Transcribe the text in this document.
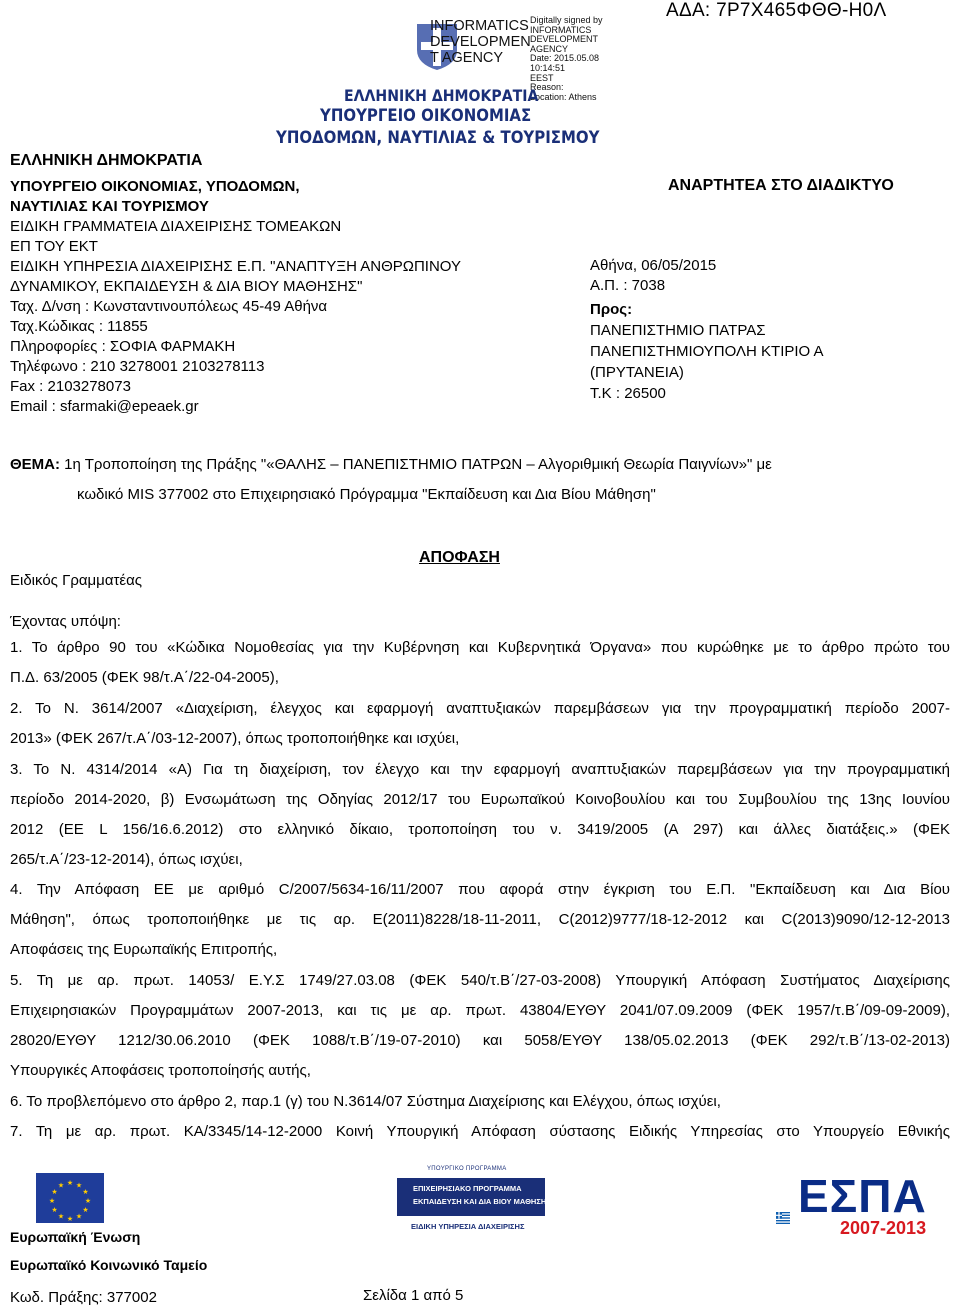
INFORMATICS
DEVELOPMEN
T AGENCY
Digitally signed by
INFORMATICS
DEVELOPMENT AGENCY
Date: 2015.05.08 10:14:51
EEST
Reason:
Location: Athens
ΑΔΑ: 7Ρ7Χ465ΦΘΘ-Η0Λ
ΕΛΛΗΝΙΚΗ ΔΗΜΟΚΡΑΤΙΑ
ΥΠΟΥΡΓΕΙΟ ΟΙΚΟΝΟΜΙΑΣ
ΥΠΟΔΟΜΩΝ, ΝΑΥΤΙΛΙΑΣ & ΤΟΥΡΙΣΜΟΥ
ΕΛΛΗΝΙΚΗ ΔΗΜΟΚΡΑΤΙΑ
ΥΠΟΥΡΓΕΙΟ ΟΙΚΟΝΟΜΙΑΣ, ΥΠΟΔΟΜΩΝ,
ΝΑΥΤΙΛΙΑΣ ΚΑΙ ΤΟΥΡΙΣΜΟΥ
ΕΙΔΙΚΗ ΓΡΑΜΜΑΤΕΙΑ ΔΙΑΧΕΙΡΙΣΗΣ ΤΟΜΕΑΚΩΝ
ΕΠ ΤΟΥ ΕΚΤ
ΕΙΔΙΚΗ ΥΠΗΡΕΣΙΑ ΔΙΑΧΕΙΡΙΣΗΣ Ε.Π. "ΑΝΑΠΤΥΞΗ ΑΝΘΡΩΠΙΝΟΥ
ΔΥΝΑΜΙΚΟΥ, ΕΚΠΑΙΔΕΥΣΗ & ΔΙΑ ΒΙΟΥ ΜΑΘΗΣΗΣ"
Ταχ. Δ/νση : Κωνσταντινουπόλεως 45-49 Αθήνα
Ταχ.Κώδικας : 11855
Πληροφορίες : ΣΟΦΙΑ ΦΑΡΜΑΚΗ
Τηλέφωνο : 210 3278001 2103278113
Fax : 2103278073
Email : sfarmaki@epeaek.gr
ΑΝΑΡΤΗΤΕΑ ΣΤΟ ΔΙΑΔΙΚΤΥΟ
Αθήνα, 06/05/2015
Α.Π. : 7038
Προς:
ΠΑΝΕΠΙΣΤΗΜΙΟ ΠΑΤΡΑΣ
ΠΑΝΕΠΙΣΤΗΜΙΟΥΠΟΛΗ ΚΤΙΡΙΟ Α
(ΠΡΥΤΑΝΕΙΑ)
Τ.Κ : 26500
ΘΕΜΑ: 1η Τροποποίηση της Πράξης "«ΘΑΛΗΣ – ΠΑΝΕΠΙΣΤΗΜΙΟ ΠΑΤΡΩΝ – Αλγοριθμική Θεωρία Παιγνίων»" με
κωδικό MIS 377002 στο Επιχειρησιακό Πρόγραμμα "Εκπαίδευση και Δια Βίου Μάθηση"
ΑΠΟΦΑΣΗ
Ειδικός Γραμματέας
Έχοντας υπόψη:
1. Το άρθρο 90 του «Κώδικα Νομοθεσίας για την Κυβέρνηση και Κυβερνητικά Όργανα» που κυρώθηκε με το άρθρο πρώτο του
Π.Δ. 63/2005 (ΦΕΚ 98/τ.Α΄/22-04-2005),
2. Το Ν. 3614/2007 «Διαχείριση, έλεγχος και εφαρμογή αναπτυξιακών παρεμβάσεων για την προγραμματική περίοδο 2007-
2013» (ΦΕΚ 267/τ.Α΄/03-12-2007), όπως τροποποιήθηκε και ισχύει,
3. Το Ν. 4314/2014 «Α) Για τη διαχείριση, τον έλεγχο και την εφαρμογή αναπτυξιακών παρεμβάσεων για την προγραμματική
περίοδο 2014-2020, β) Ενσωμάτωση της Οδηγίας 2012/17 του Ευρωπαϊκού Κοινοβουλίου και του Συμβουλίου της 13ης Ιουνίου
2012 (ΕΕ L 156/16.6.2012) στο ελληνικό δίκαιο, τροποποίηση του ν. 3419/2005 (Α 297) και άλλες διατάξεις.» (ΦΕΚ
265/τ.Α΄/23-12-2014), όπως ισχύει,
4. Την Απόφαση ΕΕ με αριθμό C/2007/5634-16/11/2007 που αφορά στην έγκριση του Ε.Π. "Εκπαίδευση και Δια Βίου
Μάθηση", όπως τροποποιήθηκε με τις αρ. E(2011)8228/18-11-2011, C(2012)9777/18-12-2012 και C(2013)9090/12-12-2013
Αποφάσεις της Ευρωπαϊκής Επιτροπής,
5. Τη με αρ. πρωτ. 14053/ Ε.Υ.Σ 1749/27.03.08 (ΦΕΚ 540/τ.Β΄/27-03-2008) Υπουργική Απόφαση Συστήματος Διαχείρισης
Επιχειρησιακών Προγραμμάτων 2007-2013, και τις με αρ. πρωτ. 43804/ΕΥΘΥ 2041/07.09.2009 (ΦΕΚ 1957/τ.Β΄/09-09-2009),
28020/ΕΥΘΥ 1212/30.06.2010 (ΦΕΚ 1088/τ.Β΄/19-07-2010) και 5058/ΕΥΘΥ 138/05.02.2013 (ΦΕΚ 292/τ.Β΄/13-02-2013)
Υπουργικές Αποφάσεις τροποποίησής αυτής,
6. Το προβλεπόμενο στο άρθρο 2, παρ.1 (γ) του Ν.3614/07 Σύστημα Διαχείρισης και Ελέγχου, όπως ισχύει,
7. Τη με αρ. πρωτ. ΚΑ/3345/14-12-2000 Κοινή Υπουργική Απόφαση σύστασης Ειδικής Υπηρεσίας στο Υπουργείο Εθνικής
★ ★
★
★
★
★
★
★
★
★
★
★
Ευρωπαϊκή Ένωση
Ευρωπαϊκό Κοινωνικό Ταμείο
ΥΠΟΥΡΓΙΚΟ ΠΡΟΓΡΑΜΜΑ
ΕΠΙΧΕΙΡΗΣΙΑΚΟ ΠΡΟΓΡΑΜΜΑ
ΕΚΠΑΙΔΕΥΣΗ ΚΑΙ ΔΙΑ ΒΙΟΥ ΜΑΘΗΣΗ
ΕΙΔΙΚΗ ΥΠΗΡΕΣΙΑ ΔΙΑΧΕΙΡΙΣΗΣ
ΕΣΠΑ
2007-2013
Κωδ. Πράξης: 377002	Σελίδα 1 από 5
